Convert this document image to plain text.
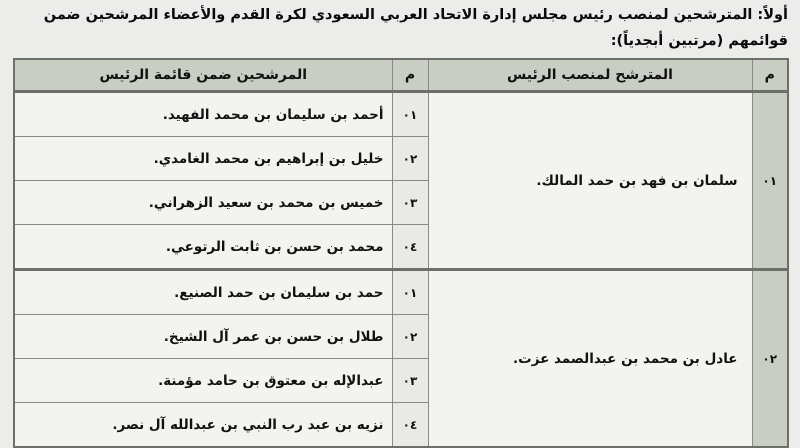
أولاً: المترشحين لمنصب رئيس مجلس إدارة الاتحاد العربي السعودي لكرة القدم والأعضاء المرشحين ضمن قوائمهم (مرتبين أبجدياً):
م	المترشح لمنصب الرئيس	م	المرشحين ضمن قائمة الرئيس
٠١	سلمان بن فهد بن حمد المالك.	٠١	أحمد بن سليمان بن محمد الفهيد.
		٠٢	خليل بن إبراهيم بن محمد الغامدي.
		٠٣	خميس بن محمد بن سعيد الزهراني.
		٠٤	محمد بن حسن بن ثابت الرتوعي.
٠٢	عادل بن محمد بن عبدالصمد عزت.	٠١	حمد بن سليمان بن حمد الصنيع.
		٠٢	طلال بن حسن بن عمر آل الشيخ.
		٠٣	عبدالإله بن معتوق بن حامد مؤمنة.
		٠٤	نزيه بن عبد رب النبي بن عبدالله آل نصر.
